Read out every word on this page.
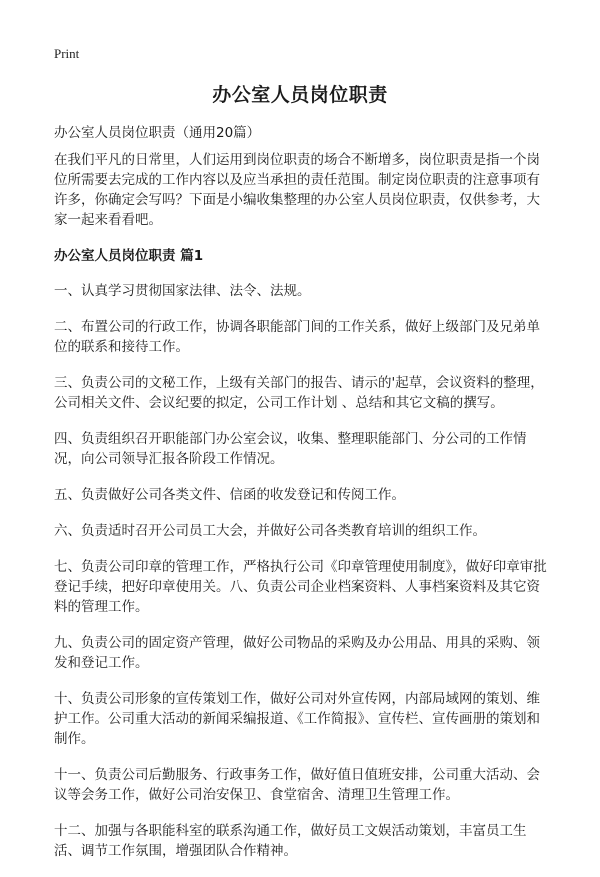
Print
办公室人员岗位职责
办公室人员岗位职责（通用20篇）

在我们平凡的日常里，人们运用到岗位职责的场合不断增多，岗位职责是指一个岗位所需要去完成的工作内容以及应当承担的责任范围。制定岗位职责的注意事项有许多，你确定会写吗？下面是小编收集整理的办公室人员岗位职责，仅供参考，大家一起来看看吧。

办公室人员岗位职责 篇1

一、认真学习贯彻国家法律、法令、法规。

二、布置公司的行政工作，协调各职能部门间的工作关系，做好上级部门及兄弟单位的联系和接待工作。

三、负责公司的文秘工作，上级有关部门的报告、请示的'起草，会议资料的整理，公司相关文件、会议纪要的拟定，公司工作计划 、总结和其它文稿的撰写。

四、负责组织召开职能部门办公室会议，收集、整理职能部门、分公司的工作情况，向公司领导汇报各阶段工作情况。

五、负责做好公司各类文件、信函的收发登记和传阅工作。

六、负责适时召开公司员工大会，并做好公司各类教育培训的组织工作。

七、负责公司印章的管理工作，严格执行公司《印章管理使用制度》，做好印章审批登记手续，把好印章使用关。八、负责公司企业档案资料、人事档案资料及其它资料的管理工作。

九、负责公司的固定资产管理，做好公司物品的采购及办公用品、用具的采购、领发和登记工作。

十、负责公司形象的宣传策划工作，做好公司对外宣传网，内部局域网的策划、维护工作。公司重大活动的新闻采编报道、《工作简报》、宣传栏、宣传画册的策划和制作。

十一、负责公司后勤服务、行政事务工作，做好值日值班安排，公司重大活动、会议等会务工作，做好公司治安保卫、食堂宿舍、清理卫生管理工作。

十二、加强与各职能科室的联系沟通工作，做好员工文娱活动策划，丰富员工生活、调节工作氛围，增强团队合作精神。
